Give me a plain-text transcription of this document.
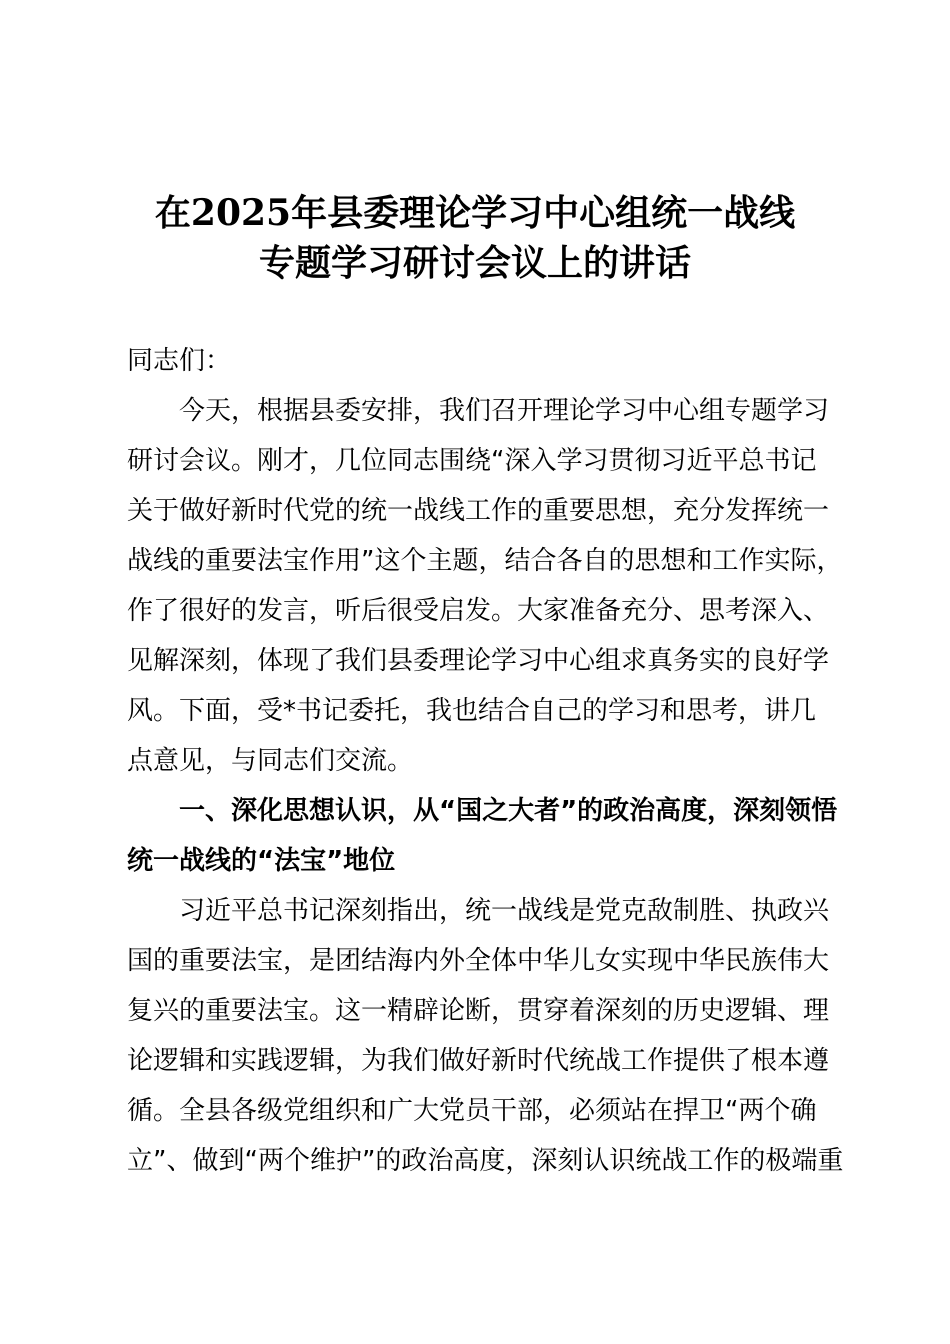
在2025年县委理论学习中心组统一战线
专题学习研讨会议上的讲话
同志们：
今天，根据县委安排，我们召开理论学习中心组专题学习
研讨会议。刚才，几位同志围绕“深入学习贯彻习近平总书记
关于做好新时代党的统一战线工作的重要思想，充分发挥统一
战线的重要法宝作用”这个主题，结合各自的思想和工作实际，
作了很好的发言，听后很受启发。大家准备充分、思考深入、
见解深刻，体现了我们县委理论学习中心组求真务实的良好学
风。下面，受*书记委托，我也结合自己的学习和思考，讲几
点意见，与同志们交流。
一、深化思想认识，从“国之大者”的政治高度，深刻领悟
统一战线的“法宝”地位
习近平总书记深刻指出，统一战线是党克敌制胜、执政兴
国的重要法宝，是团结海内外全体中华儿女实现中华民族伟大
复兴的重要法宝。这一精辟论断，贯穿着深刻的历史逻辑、理
论逻辑和实践逻辑，为我们做好新时代统战工作提供了根本遵
循。全县各级党组织和广大党员干部，必须站在捍卫“两个确
立”、做到“两个维护”的政治高度，深刻认识统战工作的极端重
